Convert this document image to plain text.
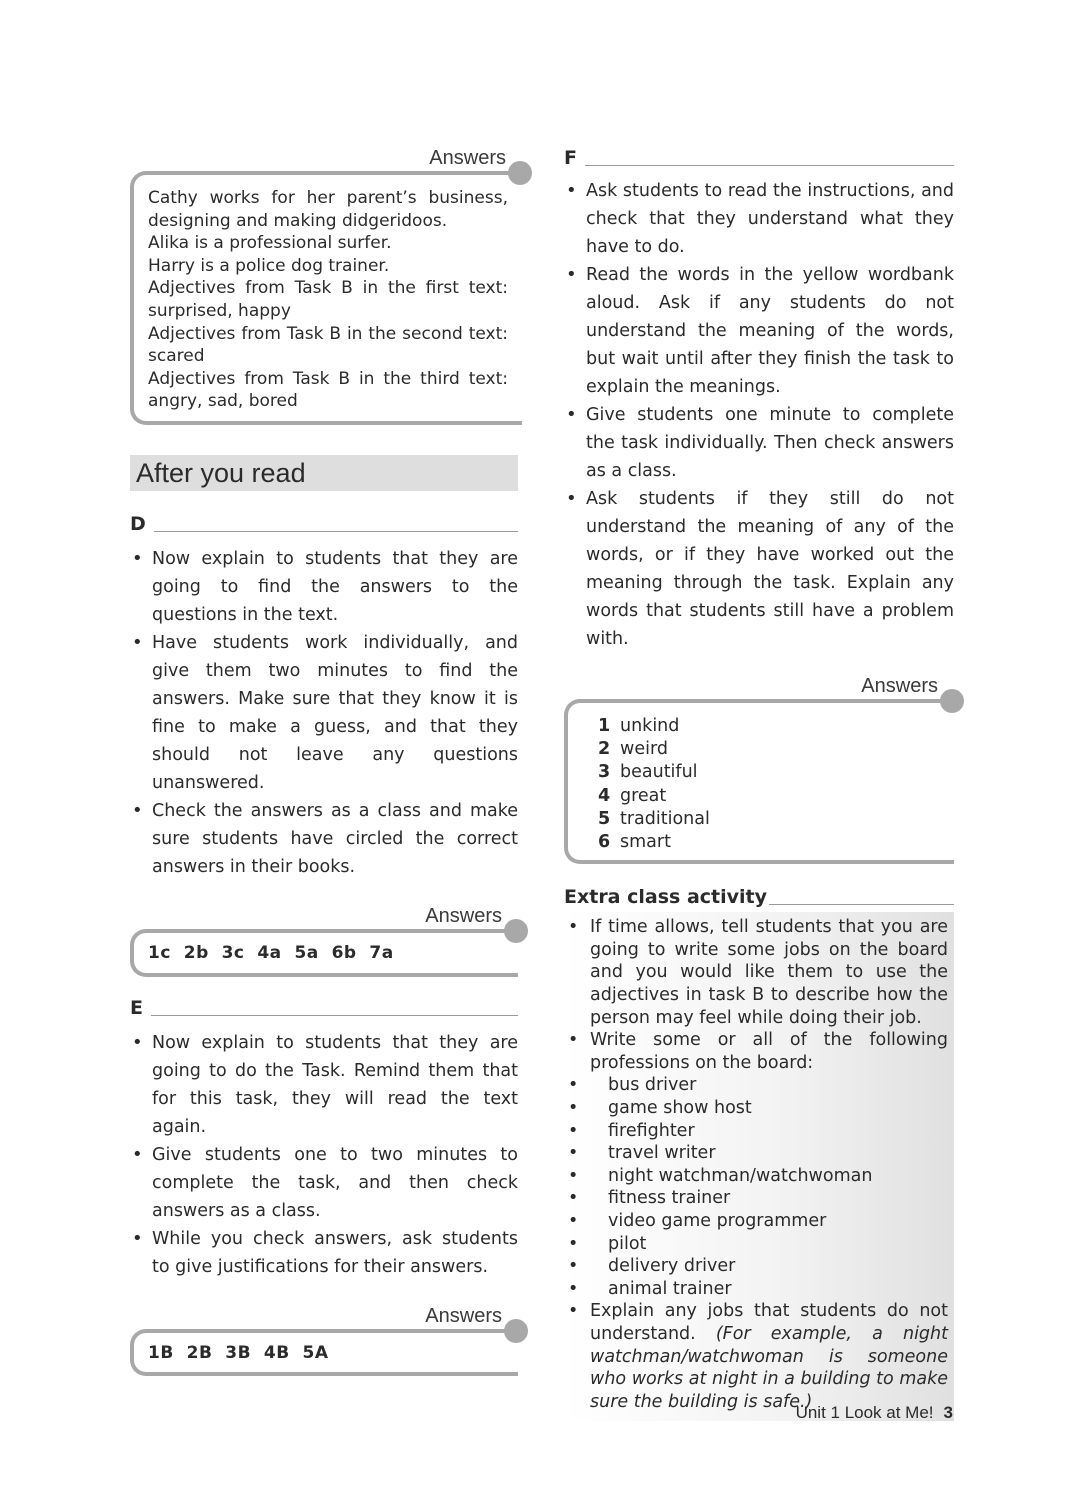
Answers

Cathy works for her parent’s business, designing and making didgeridoos.

Alika is a professional surfer.

Harry is a police dog trainer.

Adjectives from Task B in the first text: surprised, happy

Adjectives from Task B in the second text: scared

Adjectives from Task B in the third text: angry, sad, bored

After you read
D
• Now explain to students that they are going to find the answers to the questions in the text.
• Have students work individually, and give them two minutes to find the answers. Make sure that they know it is fine to make a guess, and that they should not leave any questions unanswered.
• Check the answers as a class and make sure students have circled the correct answers in their books.
Answers
1c  2b  3c  4a  5a  6b  7a
E
• Now explain to students that they are going to do the Task. Remind them that for this task, they will read the text again.
• Give students one to two minutes to complete the task, and then check answers as a class.
• While you check answers, ask students to give justifications for their answers.
Answers
1B  2B  3B  4B  5A
F
• Ask students to read the instructions, and check that they understand what they have to do.
• Read the words in the yellow wordbank aloud. Ask if any students do not understand the meaning of the words, but wait until after they finish the task to explain the meanings.
• Give students one minute to complete the task individually. Then check answers as a class.
• Ask students if they still do not understand the meaning of any of the words, or if they have worked out the meaning through the task. Explain any words that students still have a problem with.
Answers
1 unkind
2 weird
3 beautiful
4 great
5 traditional
6 smart
Extra class activity
• If time allows, tell students that you are going to write some jobs on the board and you would like them to use the adjectives in task B to describe how the person may feel while doing their job.
• Write some or all of the following professions on the board:
• bus driver
• game show host
• firefighter
• travel writer
• night watchman/watchwoman
• fitness trainer
• video game programmer
• pilot
• delivery driver
• animal trainer
• Explain any jobs that students do not understand. (For example, a night watchman/watchwoman is someone who works at night in a building to make sure the building is safe.)
Unit 1 Look at Me! 3
